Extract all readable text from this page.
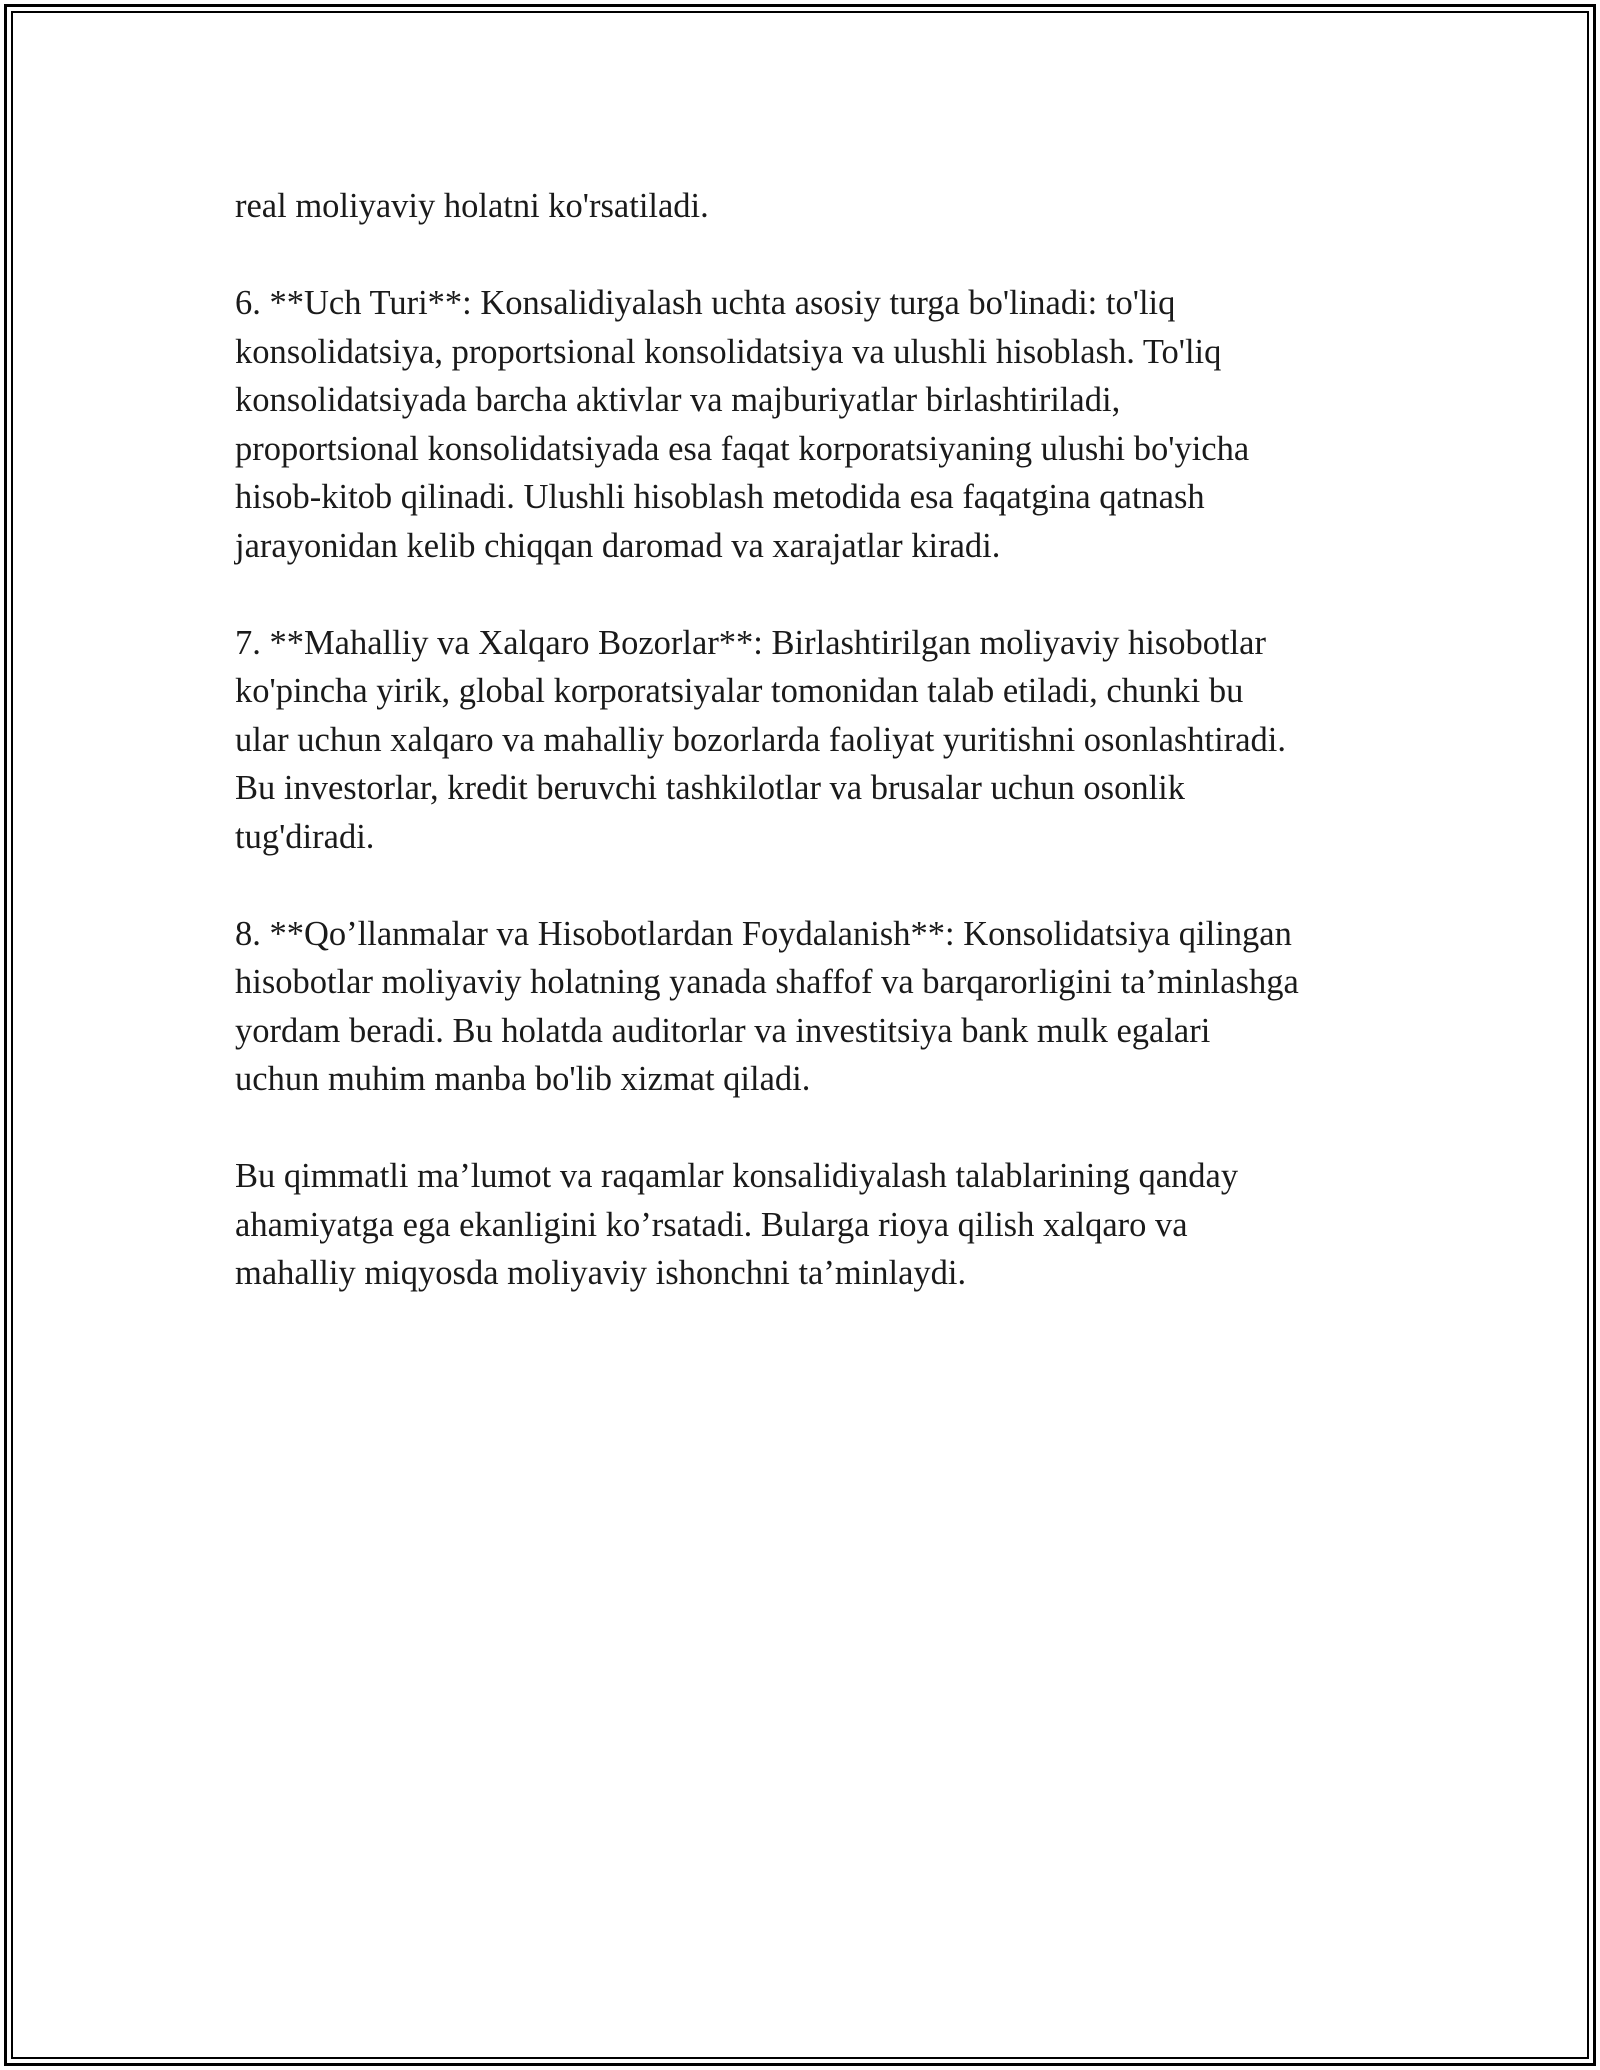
real moliyaviy holatni ko'rsatiladi.

6. **Uch Turi**: Konsalidiyalash uchta asosiy turga bo'linadi: to'liq
konsolidatsiya, proportsional konsolidatsiya va ulushli hisoblash. To'liq
konsolidatsiyada barcha aktivlar va majburiyatlar birlashtiriladi,
proportsional konsolidatsiyada esa faqat korporatsiyaning ulushi bo'yicha
hisob-kitob qilinadi. Ulushli hisoblash metodida esa faqatgina qatnash
jarayonidan kelib chiqqan daromad va xarajatlar kiradi.

7. **Mahalliy va Xalqaro Bozorlar**: Birlashtirilgan moliyaviy hisobotlar
ko'pincha yirik, global korporatsiyalar tomonidan talab etiladi, chunki bu
ular uchun xalqaro va mahalliy bozorlarda faoliyat yuritishni osonlashtiradi.
Bu investorlar, kredit beruvchi tashkilotlar va brusalar uchun osonlik
tug'diradi.

8. **Qo’llanmalar va Hisobotlardan Foydalanish**: Konsolidatsiya qilingan
hisobotlar moliyaviy holatning yanada shaffof va barqarorligini ta’minlashga
yordam beradi. Bu holatda auditorlar va investitsiya bank mulk egalari
uchun muhim manba bo'lib xizmat qiladi.

Bu qimmatli ma’lumot va raqamlar konsalidiyalash talablarining qanday
ahamiyatga ega ekanligini ko’rsatadi. Bularga rioya qilish xalqaro va
mahalliy miqyosda moliyaviy ishonchni ta’minlaydi.
